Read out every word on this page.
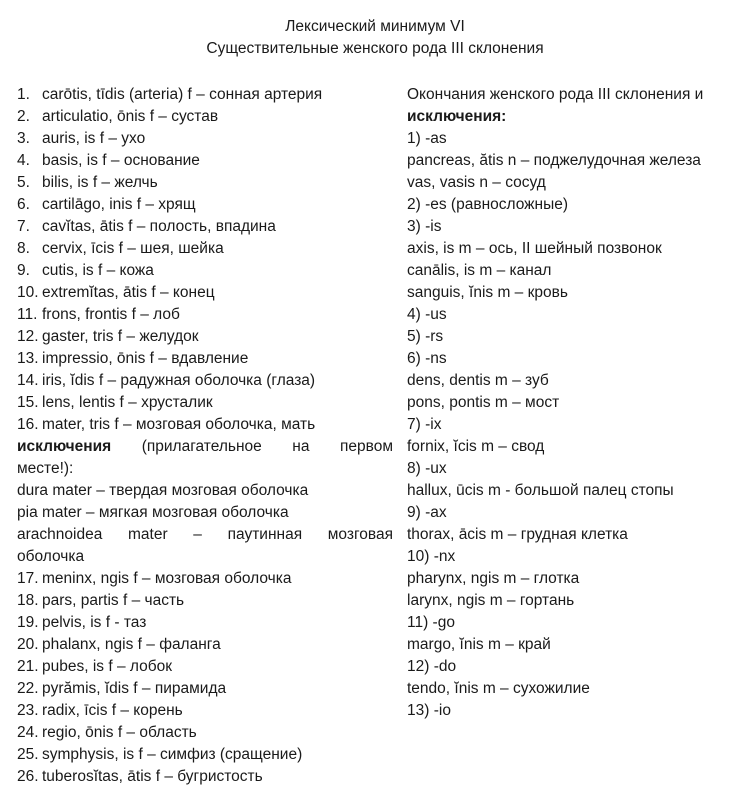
Лексический минимум VI
Существительные женского рода III склонения
1. carōtis, tīdis (arteria) f – сонная артерия
2. articulatio, ōnis f – сустав
3. auris, is f – ухо
4. basis, is f – основание
5. bilis, is f – желчь
6. cartilāgo, inis f – хрящ
7. cavĭtas, ātis f – полость, впадина
8. cervix, īcis f – шея, шейка
9. cutis, is f – кожа
10. extremĭtas, ātis f – конец
11. frons, frontis f – лоб
12. gaster, tris f – желудок
13. impressio, ōnis f – вдавление
14. iris, ĭdis f – радужная оболочка (глаза)
15. lens, lentis f – хрусталик
16. mater, tris f – мозговая оболочка, мать
исключения (прилагательное на первом
месте!):
dura mater – твердая мозговая оболочка
pia mater – мягкая мозговая оболочка
arachnoidea mater – паутинная мозговая
оболочка
17. meninx, ngis f – мозговая оболочка
18. pars, partis f – часть
19. pelvis, is f - таз
20. phalanx, ngis f – фаланга
21. pubes, is f – лобок
22. pyrămis, ĭdis f – пирамида
23. radix, īcis f – корень
24. regio, ōnis f – область
25. symphysis, is f – симфиз (сращение)
26. tuberosĭtas, ātis f – бугристость
Окончания женского рода III склонения и
исключения:
1) -as
pancreas, ătis n – поджелудочная железа
vas, vasis n – сосуд
2) -es (равносложные)
3) -is
axis, is m – ось, II шейный позвонок
canālis, is m – канал
sanguis, ĭnis m – кровь
4) -us
5) -rs
6) -ns
dens, dentis m – зуб
pons, pontis m – мост
7) -ix
fornix, ĭcis m – свод
8) -ux
hallux, ūcis m - большой палец стопы
9) -ax
thorax, ācis m – грудная клетка
10) -nx
pharynx, ngis m – глотка
larynx, ngis m – гортань
11) -go
margo, ĭnis m – край
12) -do
tendo, ĭnis m – сухожилие
13) -io
